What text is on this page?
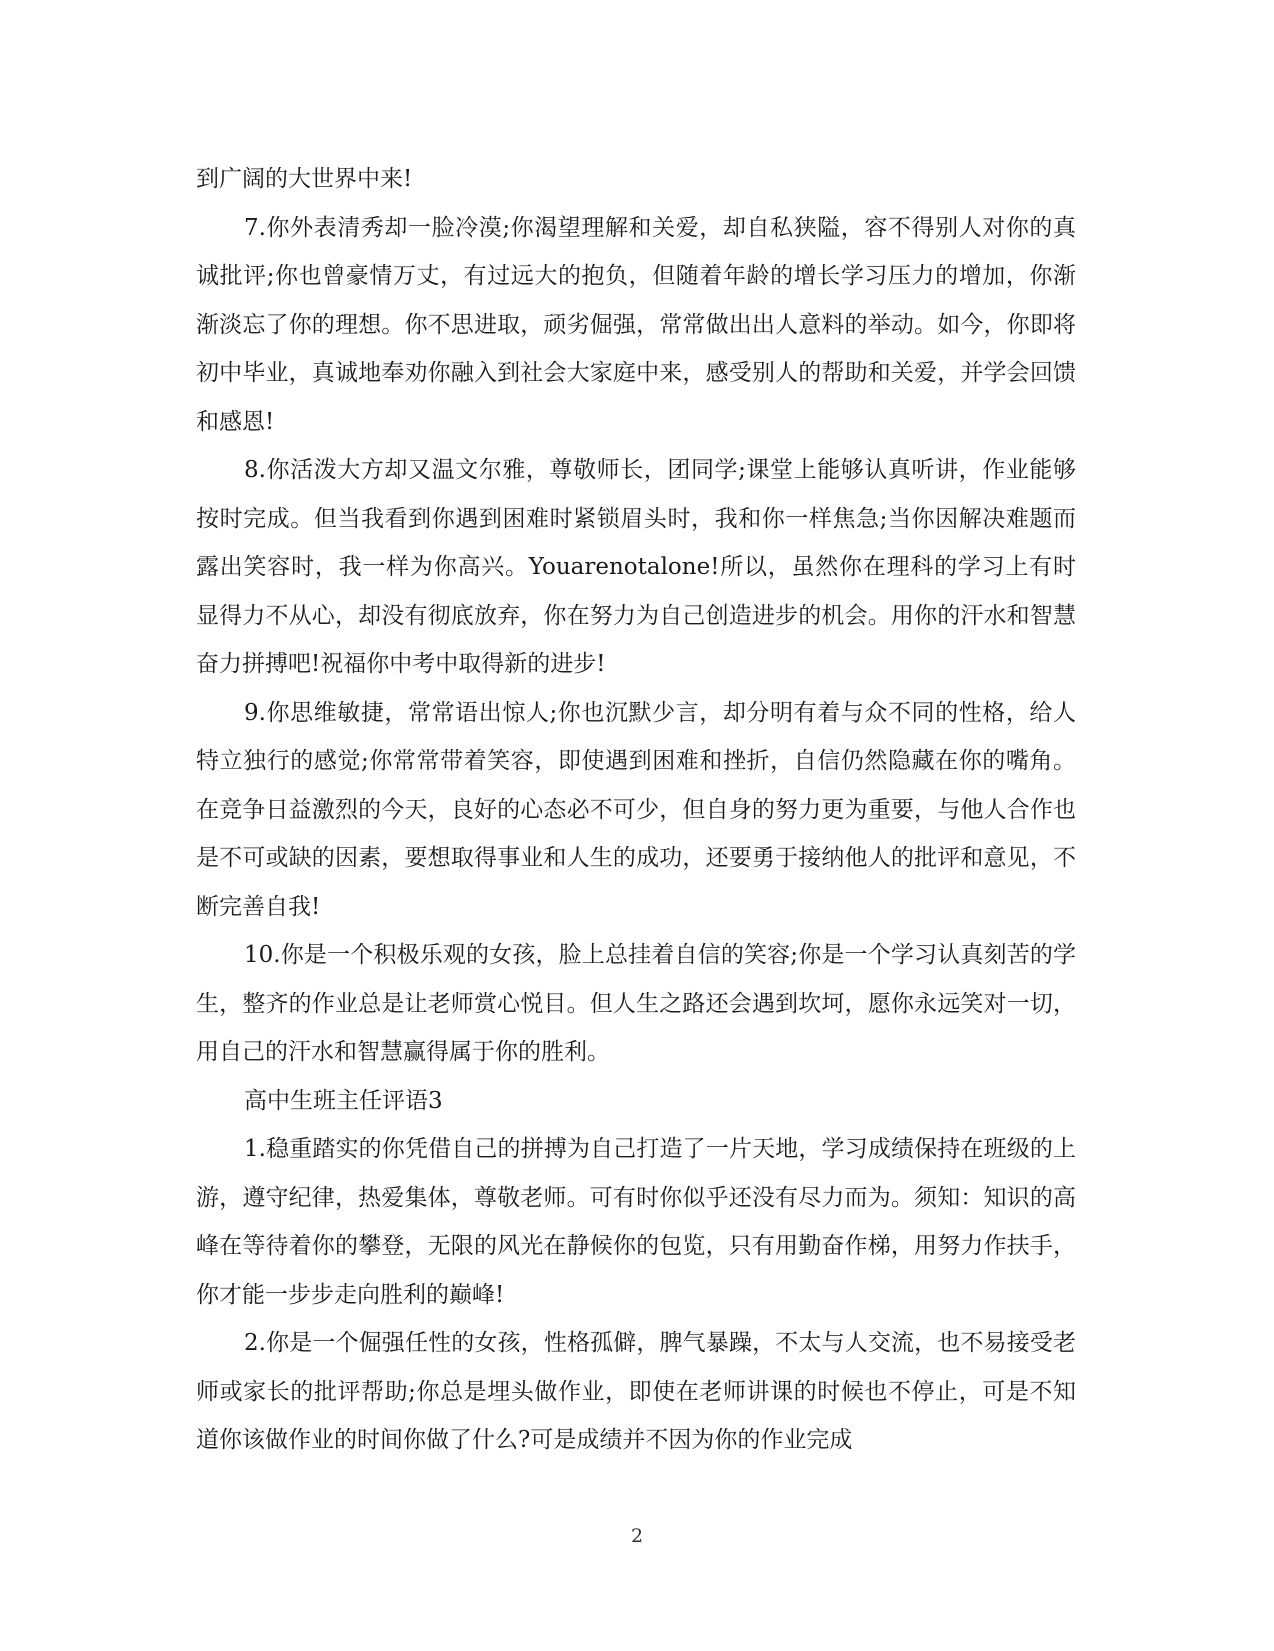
到广阔的大世界中来!

7.你外表清秀却一脸冷漠;你渴望理解和关爱，却自私狭隘，容不得别人对你的真诚批评;你也曾豪情万丈，有过远大的抱负，但随着年龄的增长学习压力的增加，你渐渐淡忘了你的理想。你不思进取，顽劣倔强，常常做出出人意料的举动。如今，你即将初中毕业，真诚地奉劝你融入到社会大家庭中来，感受别人的帮助和关爱，并学会回馈和感恩!

8.你活泼大方却又温文尔雅，尊敬师长，团同学;课堂上能够认真听讲，作业能够按时完成。但当我看到你遇到困难时紧锁眉头时，我和你一样焦急;当你因解决难题而露出笑容时，我一样为你高兴。Youarenotalone!所以，虽然你在理科的学习上有时显得力不从心，却没有彻底放弃，你在努力为自己创造进步的机会。用你的汗水和智慧奋力拼搏吧!祝福你中考中取得新的进步!

9.你思维敏捷，常常语出惊人;你也沉默少言，却分明有着与众不同的性格，给人特立独行的感觉;你常常带着笑容，即使遇到困难和挫折，自信仍然隐藏在你的嘴角。在竞争日益激烈的今天，良好的心态必不可少，但自身的努力更为重要，与他人合作也是不可或缺的因素，要想取得事业和人生的成功，还要勇于接纳他人的批评和意见，不断完善自我!

10.你是一个积极乐观的女孩，脸上总挂着自信的笑容;你是一个学习认真刻苦的学生，整齐的作业总是让老师赏心悦目。但人生之路还会遇到坎坷，愿你永远笑对一切，用自己的汗水和智慧赢得属于你的胜利。

高中生班主任评语3

1.稳重踏实的你凭借自己的拼搏为自己打造了一片天地，学习成绩保持在班级的上游，遵守纪律，热爱集体，尊敬老师。可有时你似乎还没有尽力而为。须知：知识的高峰在等待着你的攀登，无限的风光在静候你的包览，只有用勤奋作梯，用努力作扶手，你才能一步步走向胜利的巅峰!

2.你是一个倔强任性的女孩，性格孤僻，脾气暴躁，不太与人交流，也不易接受老师或家长的批评帮助;你总是埋头做作业，即使在老师讲课的时候也不停止，可是不知道你该做作业的时间你做了什么?可是成绩并不因为你的作业完成

2
